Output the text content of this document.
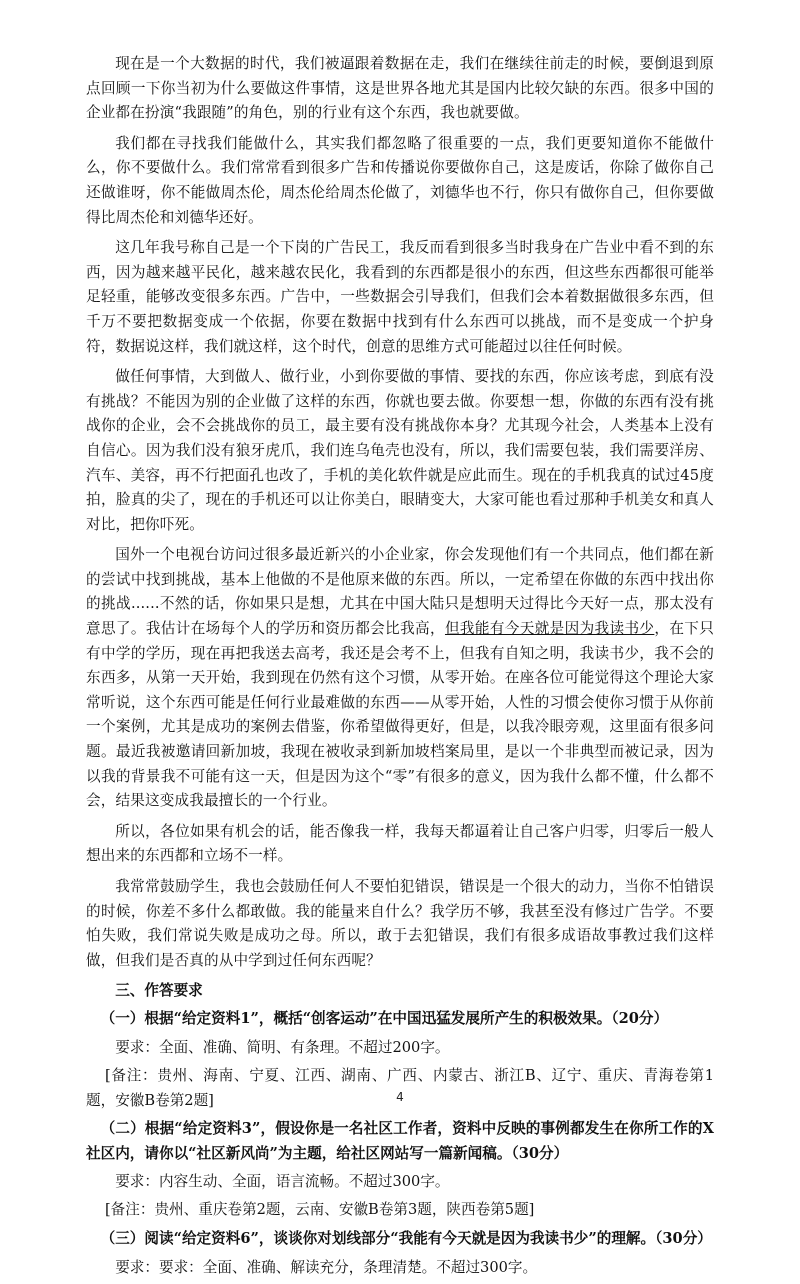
现在是一个大数据的时代，我们被逼跟着数据在走，我们在继续往前走的时候，要倒退到原点回顾一下你当初为什么要做这件事情，这是世界各地尤其是国内比较欠缺的东西。很多中国的企业都在扮演“我跟随”的角色，别的行业有这个东西，我也就要做。

我们都在寻找我们能做什么，其实我们都忽略了很重要的一点，我们更要知道你不能做什么，你不要做什么。我们常常看到很多广告和传播说你要做你自己，这是废话，你除了做你自己还做谁呀，你不能做周杰伦，周杰伦给周杰伦做了，刘德华也不行，你只有做你自己，但你要做得比周杰伦和刘德华还好。

这几年我号称自己是一个下岗的广告民工，我反而看到很多当时我身在广告业中看不到的东西，因为越来越平民化，越来越农民化，我看到的东西都是很小的东西，但这些东西都很可能举足轻重，能够改变很多东西。广告中，一些数据会引导我们，但我们会本着数据做很多东西，但千万不要把数据变成一个依据，你要在数据中找到有什么东西可以挑战，而不是变成一个护身符，数据说这样，我们就这样，这个时代，创意的思维方式可能超过以往任何时候。

做任何事情，大到做人、做行业，小到你要做的事情、要找的东西，你应该考虑，到底有没有挑战？不能因为别的企业做了这样的东西，你就也要去做。你要想一想，你做的东西有没有挑战你的企业，会不会挑战你的员工，最主要有没有挑战你本身？尤其现今社会，人类基本上没有自信心。因为我们没有狼牙虎爪，我们连乌龟壳也没有，所以，我们需要包装，我们需要洋房、汽车、美容，再不行把面孔也改了，手机的美化软件就是应此而生。现在的手机我真的试过45度拍，脸真的尖了，现在的手机还可以让你美白，眼睛变大，大家可能也看过那种手机美女和真人对比，把你吓死。

国外一个电视台访问过很多最近新兴的小企业家，你会发现他们有一个共同点，他们都在新的尝试中找到挑战，基本上他做的不是他原来做的东西。所以，一定希望在你做的东西中找出你的挑战......不然的话，你如果只是想，尤其在中国大陆只是想明天过得比今天好一点，那太没有意思了。我估计在场每个人的学历和资历都会比我高，但我能有今天就是因为我读书少，在下只有中学的学历，现在再把我送去高考，我还是会考不上，但我有自知之明，我读书少，我不会的东西多，从第一天开始，我到现在仍然有这个习惯，从零开始。在座各位可能觉得这个理论大家常听说，这个东西可能是任何行业最难做的东西——从零开始，人性的习惯会使你习惯于从你前一个案例，尤其是成功的案例去借鉴，你希望做得更好，但是，以我冷眼旁观，这里面有很多问题。最近我被邀请回新加坡，我现在被收录到新加坡档案局里，是以一个非典型而被记录，因为以我的背景我不可能有这一天，但是因为这个“零”有很多的意义，因为我什么都不懂，什么都不会，结果这变成我最擅长的一个行业。

所以，各位如果有机会的话，能否像我一样，我每天都逼着让自己客户归零，归零后一般人想出来的东西都和立场不一样。

我常常鼓励学生，我也会鼓励任何人不要怕犯错误，错误是一个很大的动力，当你不怕错误的时候，你差不多什么都敢做。我的能量来自什么？我学历不够，我甚至没有修过广告学。不要怕失败，我们常说失败是成功之母。所以，敢于去犯错误，我们有很多成语故事教过我们这样做，但我们是否真的从中学到过任何东西呢？

三、作答要求
（一）根据“给定资料1”，概括“创客运动”在中国迅猛发展所产生的积极效果。（20分）
要求：全面、准确、简明、有条理。不超过200字。
[备注：贵州、海南、宁夏、江西、湖南、广西、内蒙古、浙江B、辽宁、重庆、青海卷第1题，安徽B卷第2题]
（二）根据“给定资料3”，假设你是一名社区工作者，资料中反映的事例都发生在你所工作的X社区内，请你以“社区新风尚”为主题，给社区网站写一篇新闻稿。（30分）
要求：内容生动、全面，语言流畅。不超过300字。
[备注：贵州、重庆卷第2题，云南、安徽B卷第3题，陕西卷第5题]
（三）阅读“给定资料6”，谈谈你对划线部分“我能有今天就是因为我读书少”的理解。（30分）
要求：要求：全面、准确、解读充分，条理清楚。不超过300字。
4
